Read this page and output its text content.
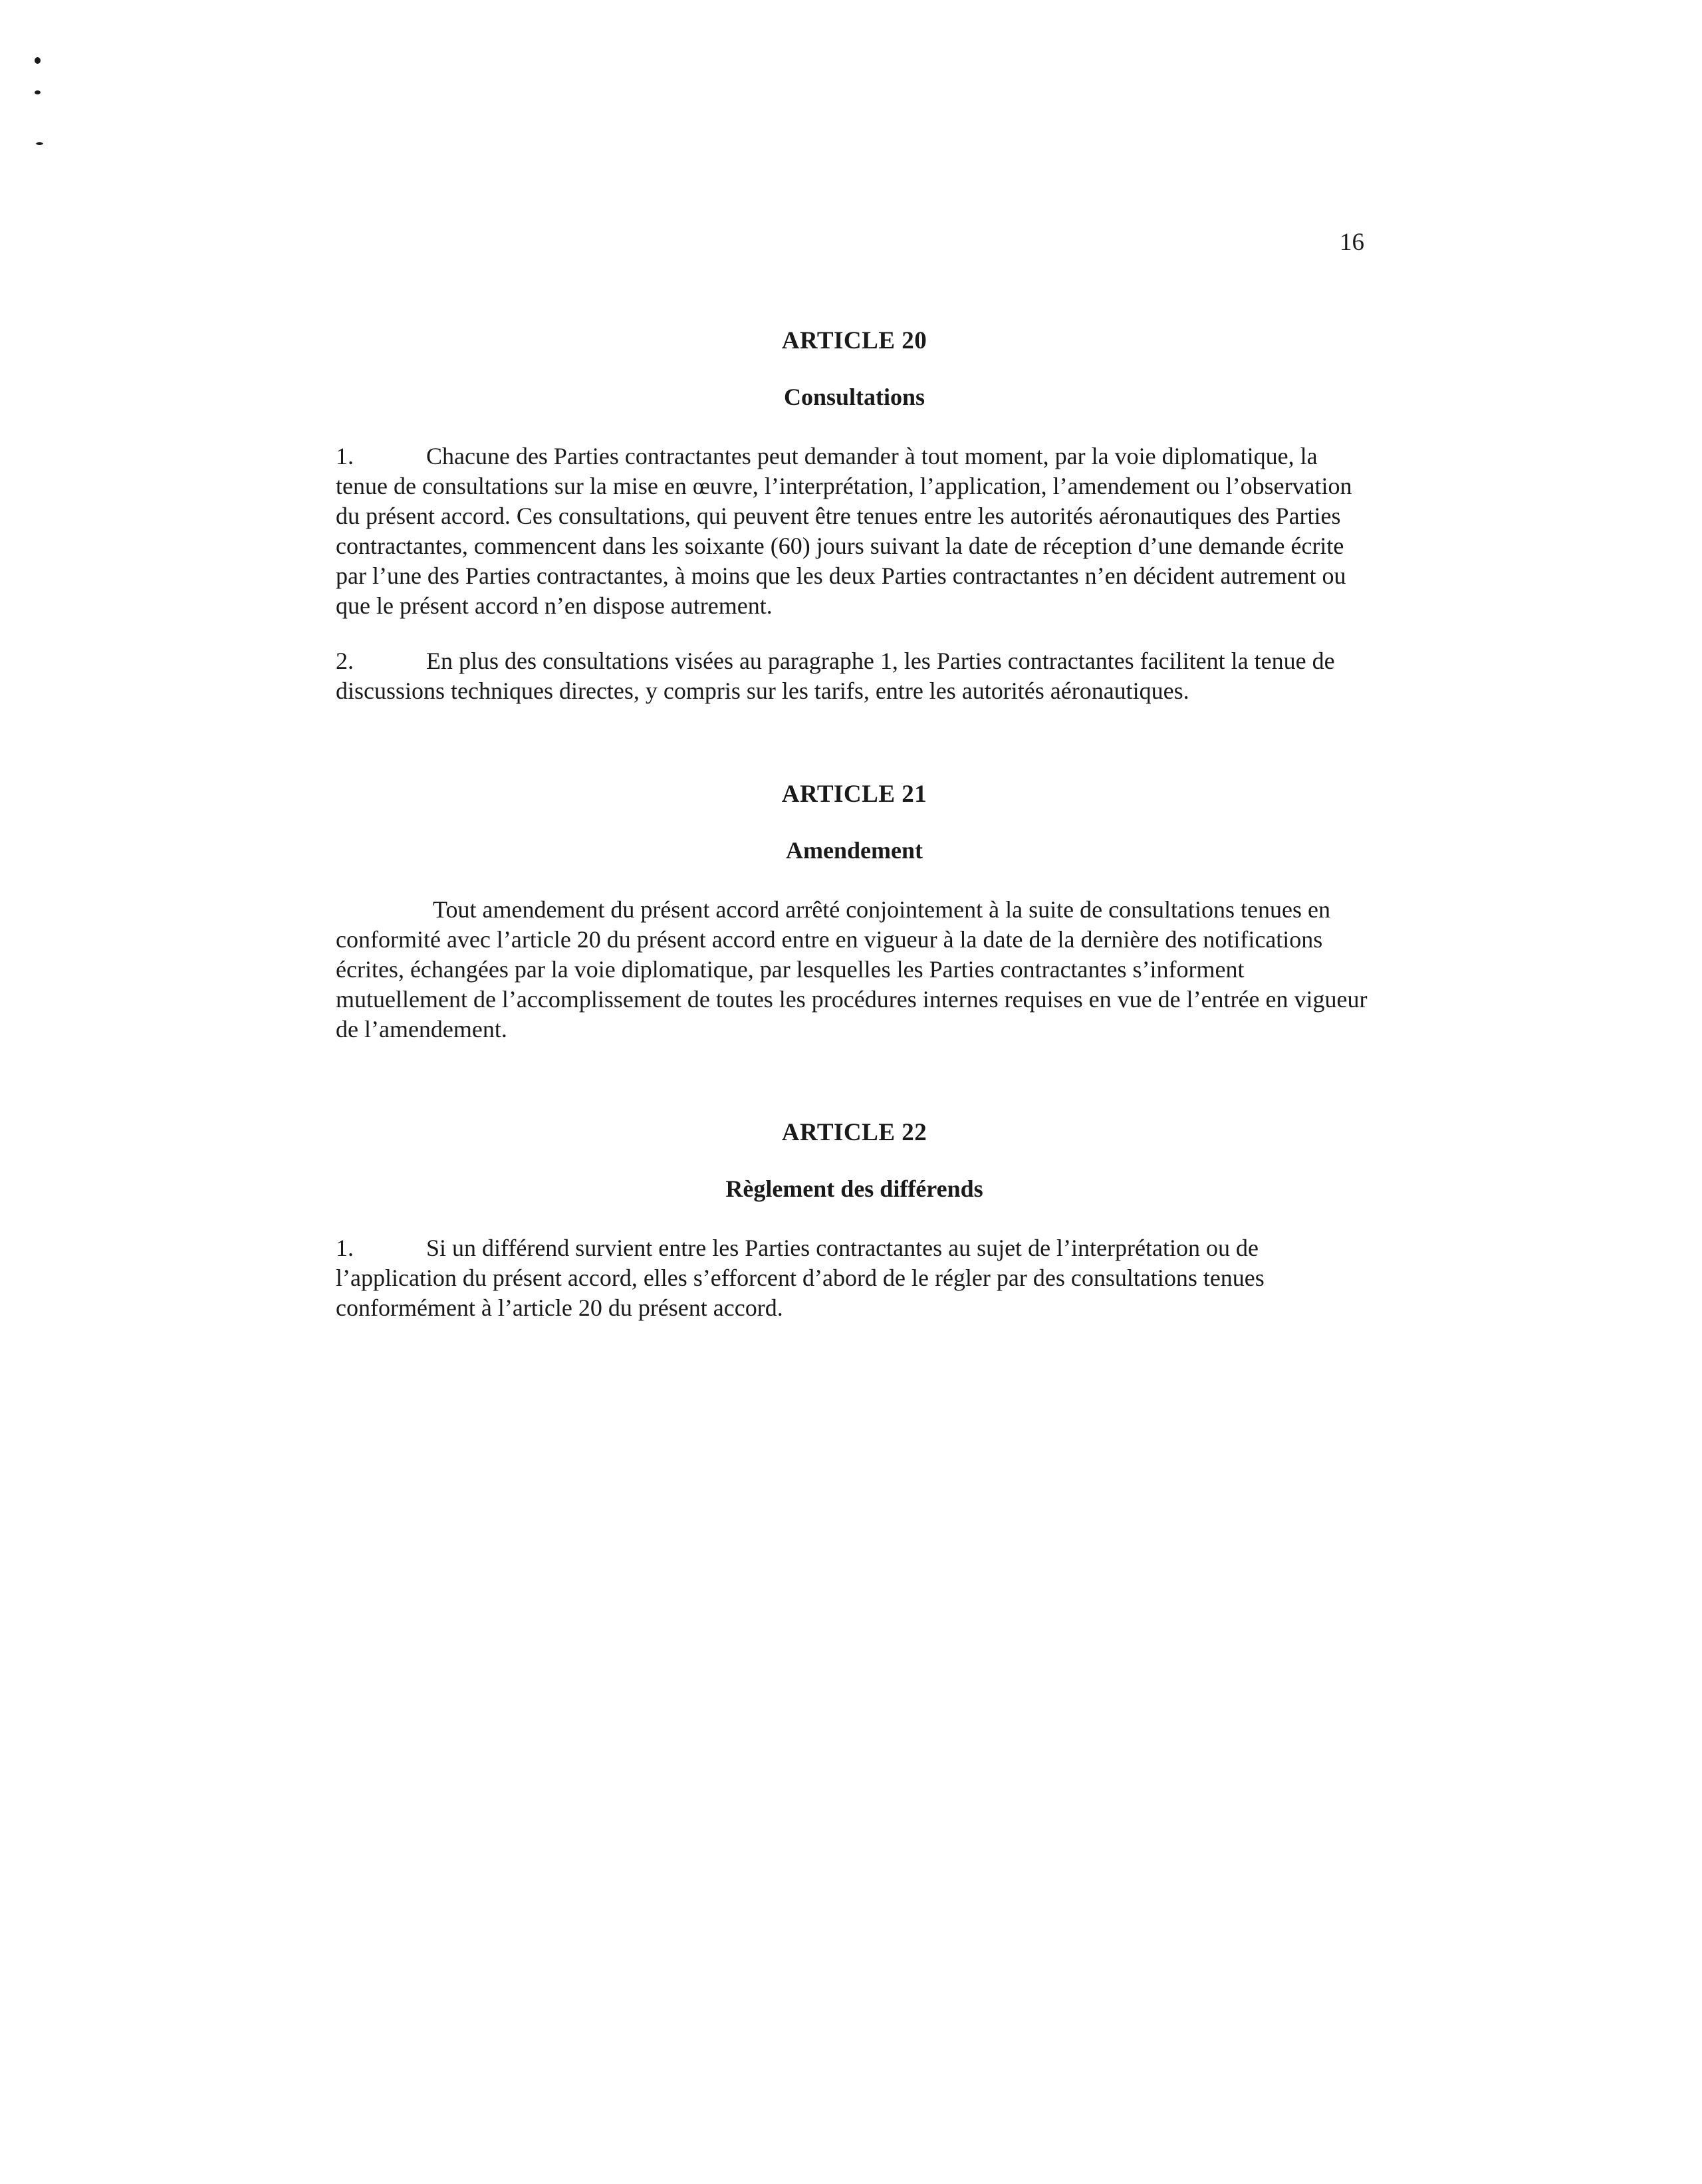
16
ARTICLE 20
Consultations

1.	Chacune des Parties contractantes peut demander à tout moment, par la voie diplomatique, la tenue de consultations sur la mise en œuvre, l’interprétation, l’application, l’amendement ou l’observation du présent accord. Ces consultations, qui peuvent être tenues entre les autorités aéronautiques des Parties contractantes, commencent dans les soixante (60) jours suivant la date de réception d’une demande écrite par l’une des Parties contractantes, à moins que les deux Parties contractantes n’en décident autrement ou que le présent accord n’en dispose autrement.

2.	En plus des consultations visées au paragraphe 1, les Parties contractantes facilitent la tenue de discussions techniques directes, y compris sur les tarifs, entre les autorités aéronautiques.

ARTICLE 21
Amendement

Tout amendement du présent accord arrêté conjointement à la suite de consultations tenues en conformité avec l’article 20 du présent accord entre en vigueur à la date de la dernière des notifications écrites, échangées par la voie diplomatique, par lesquelles les Parties contractantes s’informent mutuellement de l’accomplissement de toutes les procédures internes requises en vue de l’entrée en vigueur de l’amendement.

ARTICLE 22
Règlement des différends

1.	Si un différend survient entre les Parties contractantes au sujet de l’interprétation ou de l’application du présent accord, elles s’efforcent d’abord de le régler par des consultations tenues conformément à l’article 20 du présent accord.
